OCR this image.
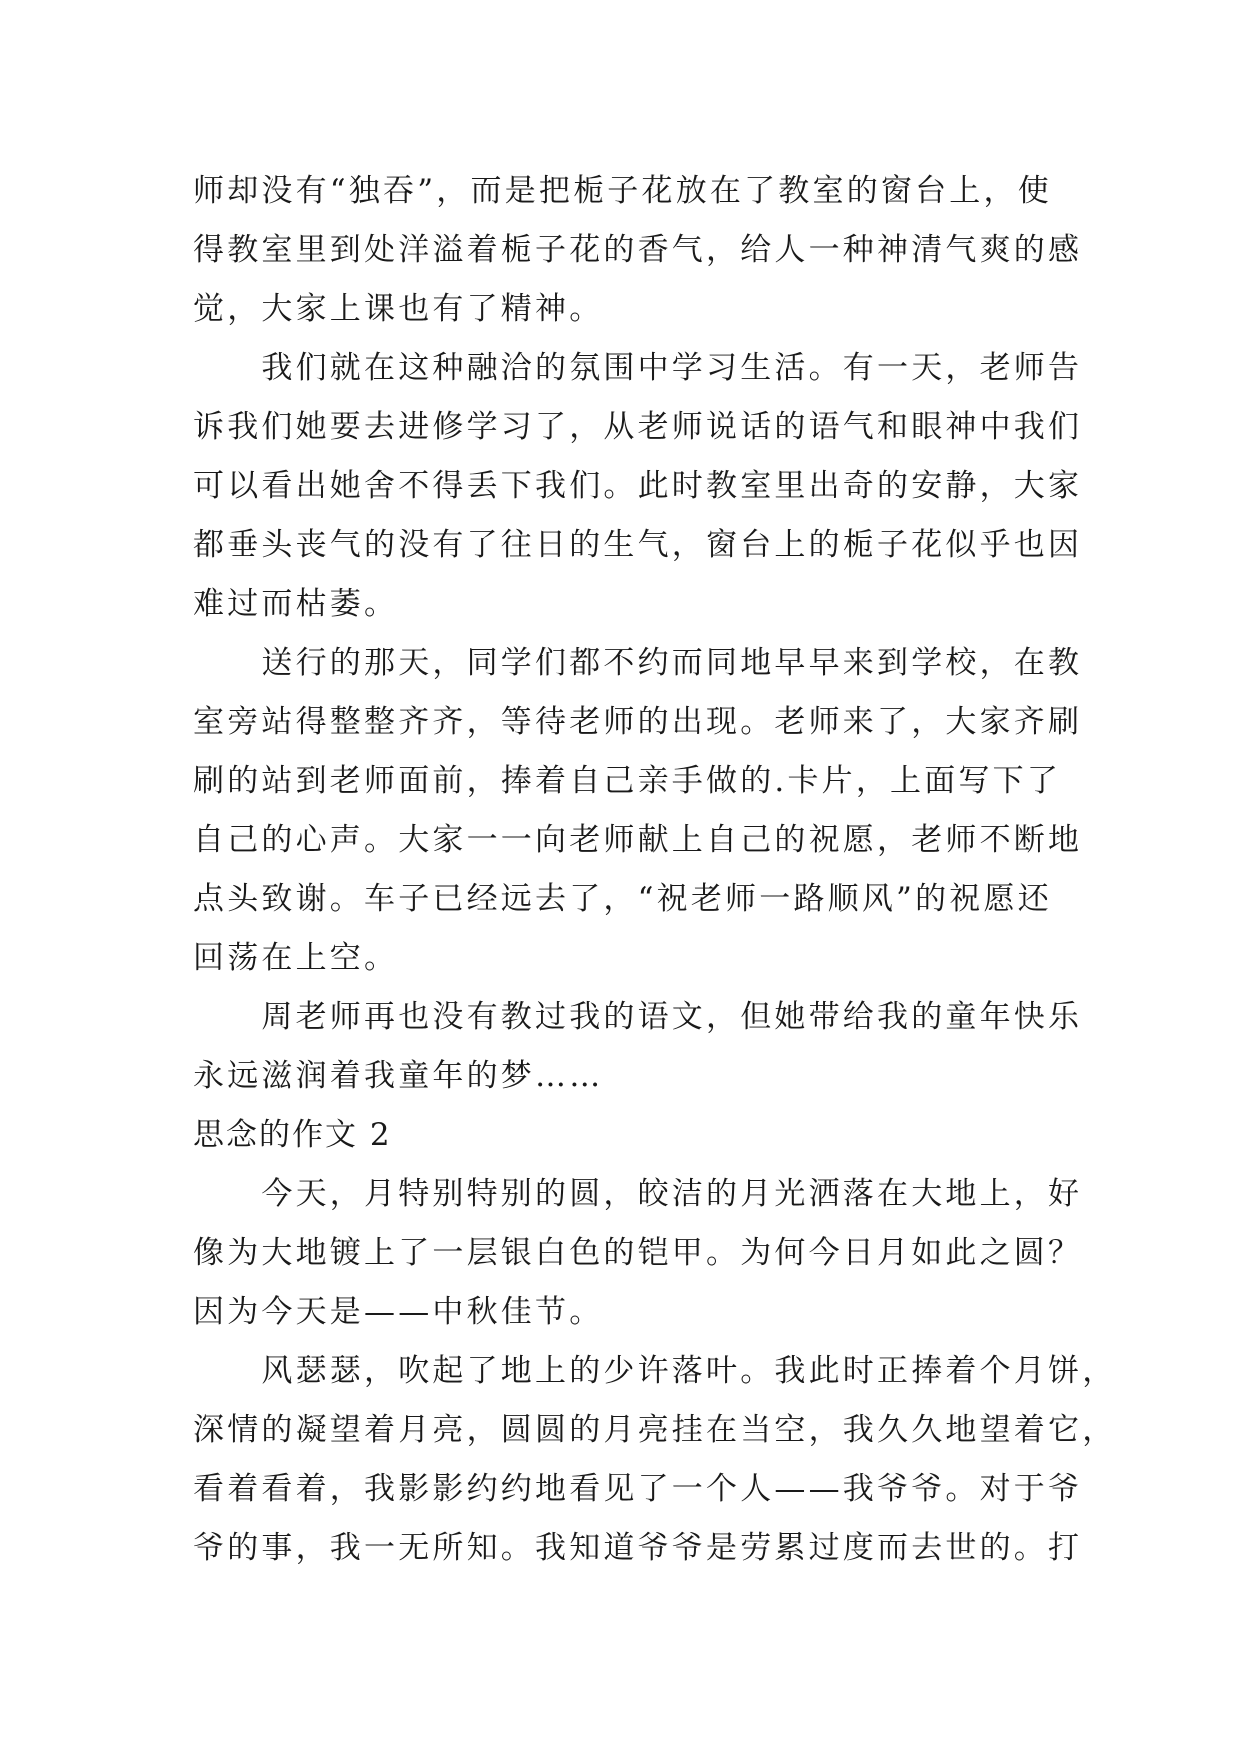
师却没有“独吞”，而是把栀子花放在了教室的窗台上，使
得教室里到处洋溢着栀子花的香气，给人一种神清气爽的感
觉，大家上课也有了精神。
　　我们就在这种融洽的氛围中学习生活。有一天，老师告
诉我们她要去进修学习了，从老师说话的语气和眼神中我们
可以看出她舍不得丢下我们。此时教室里出奇的安静，大家
都垂头丧气的没有了往日的生气，窗台上的栀子花似乎也因
难过而枯萎。
　　送行的那天，同学们都不约而同地早早来到学校，在教
室旁站得整整齐齐，等待老师的出现。老师来了，大家齐刷
刷的站到老师面前，捧着自己亲手做的.卡片，上面写下了
自己的心声。大家一一向老师献上自己的祝愿，老师不断地
点头致谢。车子已经远去了，“祝老师一路顺风”的祝愿还
回荡在上空。
　　周老师再也没有教过我的语文，但她带给我的童年快乐
永远滋润着我童年的梦……
思念的作文 2
　　今天，月特别特别的圆，皎洁的月光洒落在大地上，好
像为大地镀上了一层银白色的铠甲。为何今日月如此之圆？
因为今天是——中秋佳节。
　　风瑟瑟，吹起了地上的少许落叶。我此时正捧着个月饼，
深情的凝望着月亮，圆圆的月亮挂在当空，我久久地望着它，
看着看着，我影影约约地看见了一个人——我爷爷。对于爷
爷的事，我一无所知。我知道爷爷是劳累过度而去世的。打
